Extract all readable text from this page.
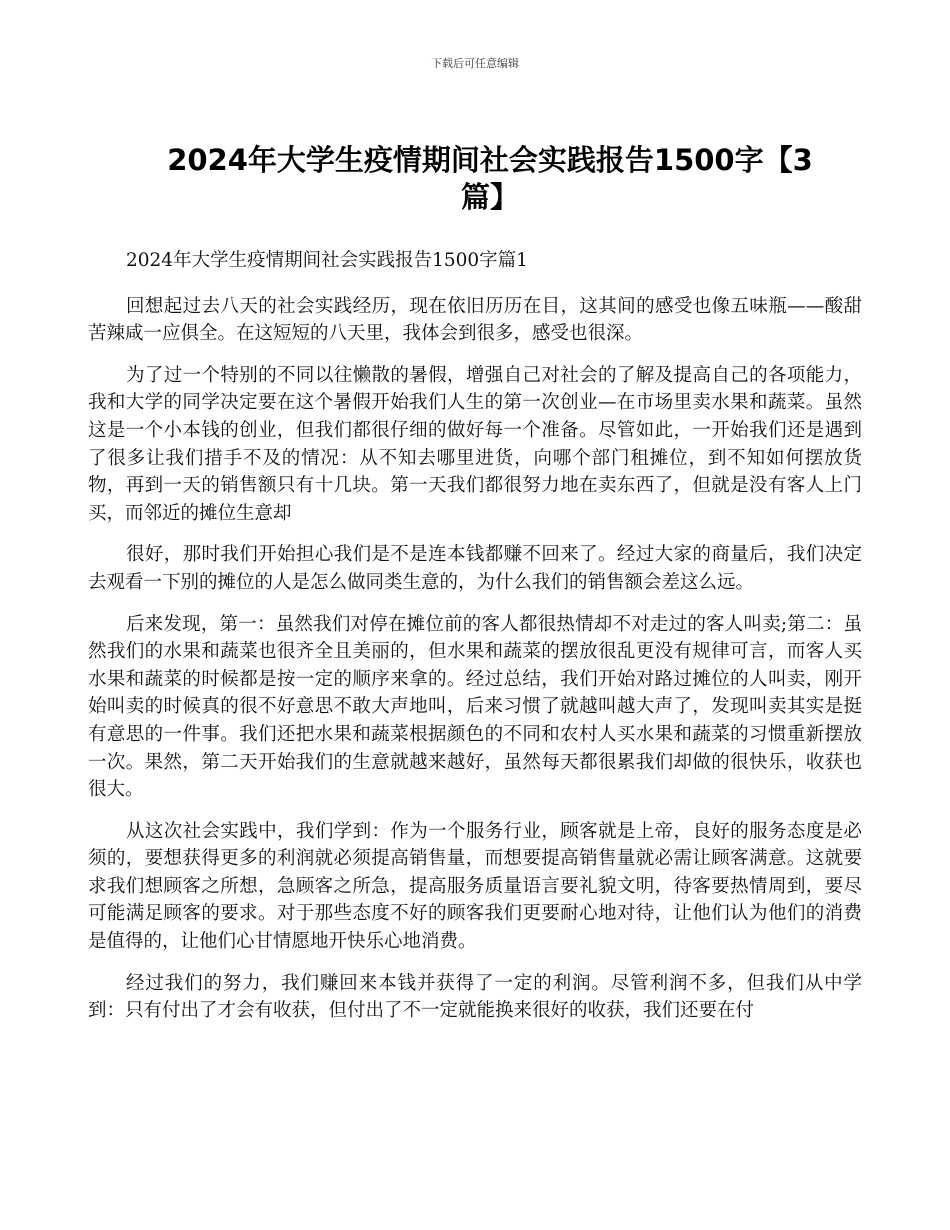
下载后可任意编辑
2024年大学生疫情期间社会实践报告1500字【3篇】

2024年大学生疫情期间社会实践报告1500字篇1

回想起过去八天的社会实践经历，现在依旧历历在目，这其间的感受也像五味瓶——酸甜苦辣咸一应俱全。在这短短的八天里，我体会到很多，感受也很深。

为了过一个特别的不同以往懒散的暑假，增强自己对社会的了解及提高自己的各项能力，我和大学的同学决定要在这个暑假开始我们人生的第一次创业—在市场里卖水果和蔬菜。虽然这是一个小本钱的创业，但我们都很仔细的做好每一个准备。尽管如此，一开始我们还是遇到了很多让我们措手不及的情况：从不知去哪里进货，向哪个部门租摊位，到不知如何摆放货物，再到一天的销售额只有十几块。第一天我们都很努力地在卖东西了，但就是没有客人上门买，而邻近的摊位生意却

很好，那时我们开始担心我们是不是连本钱都赚不回来了。经过大家的商量后，我们决定去观看一下别的摊位的人是怎么做同类生意的，为什么我们的销售额会差这么远。

后来发现，第一：虽然我们对停在摊位前的客人都很热情却不对走过的客人叫卖;第二：虽然我们的水果和蔬菜也很齐全且美丽的，但水果和蔬菜的摆放很乱更没有规律可言，而客人买水果和蔬菜的时候都是按一定的顺序来拿的。经过总结，我们开始对路过摊位的人叫卖，刚开始叫卖的时候真的很不好意思不敢大声地叫，后来习惯了就越叫越大声了，发现叫卖其实是挺有意思的一件事。我们还把水果和蔬菜根据颜色的不同和农村人买水果和蔬菜的习惯重新摆放一次。果然，第二天开始我们的生意就越来越好，虽然每天都很累我们却做的很快乐，收获也很大。

从这次社会实践中，我们学到：作为一个服务行业，顾客就是上帝，良好的服务态度是必须的，要想获得更多的利润就必须提高销售量，而想要提高销售量就必需让顾客满意。这就要求我们想顾客之所想，急顾客之所急，提高服务质量语言要礼貌文明，待客要热情周到，要尽可能满足顾客的要求。对于那些态度不好的顾客我们更要耐心地对待，让他们认为他们的消费是值得的，让他们心甘情愿地开快乐心地消费。

经过我们的努力，我们赚回来本钱并获得了一定的利润。尽管利润不多，但我们从中学到：只有付出了才会有收获，但付出了不一定就能换来很好的收获，我们还要在付
